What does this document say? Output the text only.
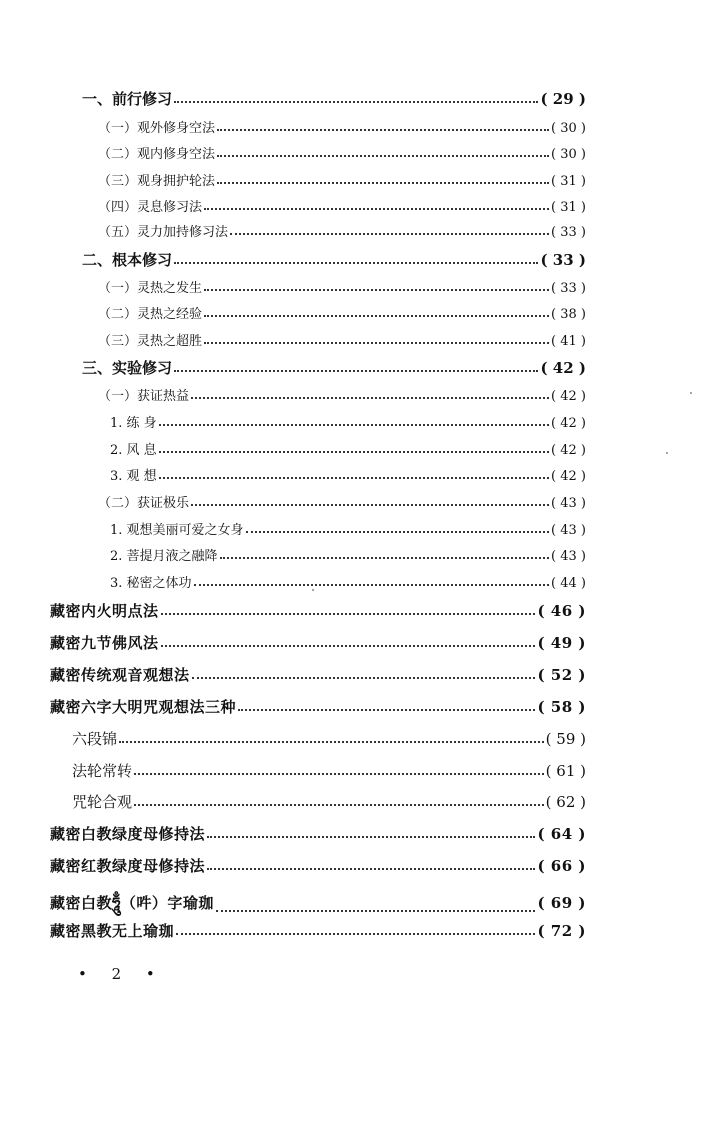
一、前行修习	( 29 )
（一）观外修身空法	( 30 )
（二）观内修身空法	( 30 )
（三）观身拥护轮法	( 31 )
（四）灵息修习法	( 31 )
（五）灵力加持修习法	( 33 )
二、根本修习	( 33 )
（一）灵热之发生	( 33 )
（二）灵热之经验	( 38 )
（三）灵热之超胜	( 41 )
三、实验修习	( 42 )
（一）获证热益	( 42 )
1. 练 身	( 42 )
2. 风 息	( 42 )
3. 观 想	( 42 )
（二）获证极乐	( 43 )
1. 观想美丽可爱之女身	( 43 )
2. 菩提月液之融降	( 43 )
3. 秘密之体功	( 44 )
藏密内火明点法	( 46 )
藏密九节佛风法	( 49 )
藏密传统观音观想法	( 52 )
藏密六字大明咒观想法三种	( 58 )
六段锦	( 59 )
法轮常转	( 61 )
咒轮合观	( 62 )
藏密白教绿度母修持法	( 64 )
藏密红教绿度母修持法	( 66 )
藏密白教ཧཱུྃ（吽）字瑜珈	( 69 )
藏密黑教无上瑜珈	( 72 )
• 2 •
